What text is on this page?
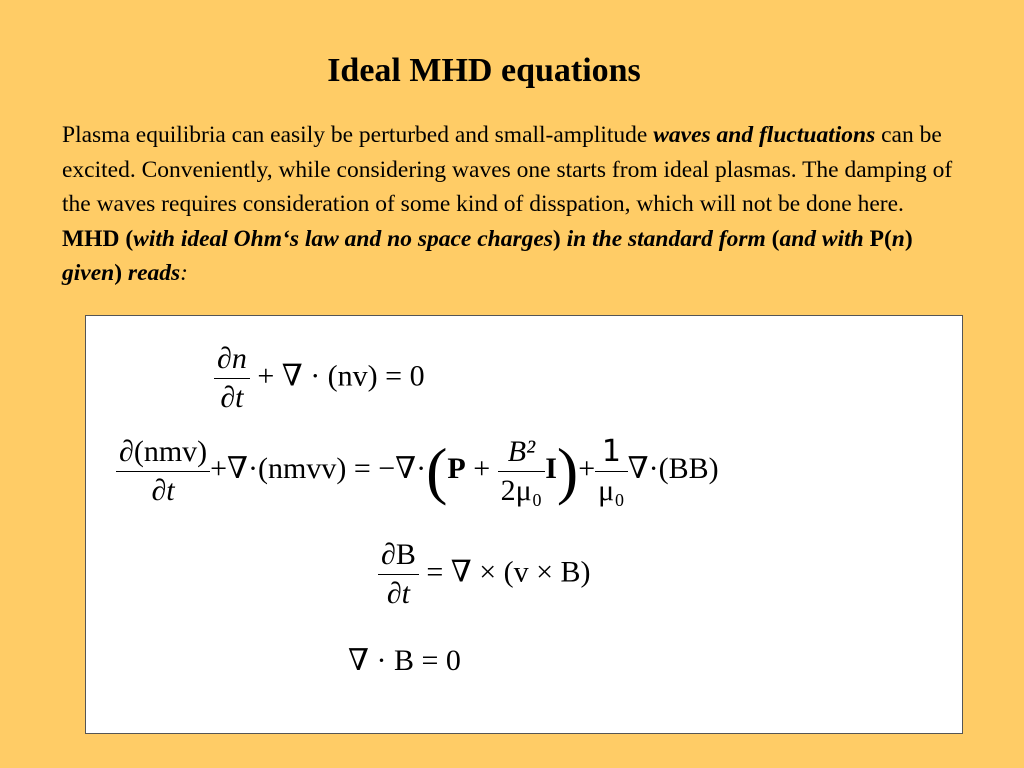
Ideal MHD equations
Plasma equilibria can easily be perturbed and small-amplitude waves and fluctuations can be excited. Conveniently, while considering waves one starts from ideal plasmas. The damping of the waves requires consideration of some kind of disspation, which will not be done here. MHD (with ideal Ohm‘s law and no space charges) in the standard form (and with P(n) given) reads:
$\frac{\partial n}{\partial t}$ + ∇ · (nv) = 0
$\frac{\text{∂(nmv)}}{\partial t}$ +∇·(nmvv) = $-\nabla\cdot(P + \frac{\text{B²}}{\text{2μ₀}} I)+ \frac{1}{\text{μ₀}} \nabla\cdot(BB)$
$\frac{\partial B}{\partial t}$ = ∇ × (v × B)
∇ · B = 0
